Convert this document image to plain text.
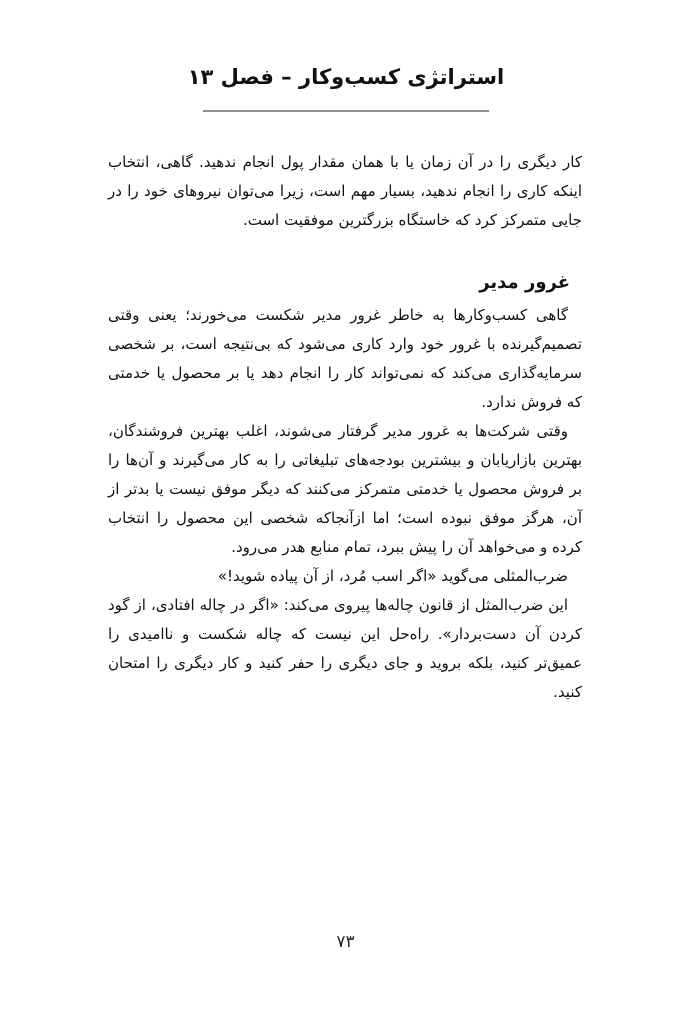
استراتژی کسب‌وکار – فصل ۱۳

کار دیگری را در آن زمان یا با همان مقدار پول انجام ندهید. گاهی، انتخاب اینکه کاری را انجام ندهید، بسیار مهم است، زیرا می‌توان نیروهای خود را در جایی متمرکز کرد که خاستگاه بزرگترین موفقیت است.

غرور مدیر

گاهی کسب‌وکارها به خاطر غرور مدیر شکست می‌خورند؛ یعنی وقتی تصمیم‌گیرنده با غرور خود وارد کاری می‌شود که بی‌نتیجه است، بر شخصی سرمایه‌گذاری می‌کند که نمی‌تواند کار را انجام دهد یا بر محصول یا خدمتی که فروش ندارد.

وقتی شرکت‌ها به غرور مدیر گرفتار می‌شوند، اغلب بهترین فروشندگان، بهترین بازاریابان و بیشترین بودجه‌های تبلیغاتی را به کار می‌گیرند و آن‌ها را بر فروش محصول یا خدمتی متمرکز می‌کنند که دیگر موفق نیست یا بدتر از آن، هرگز موفق نبوده است؛ اما ازآنجاکه شخصی این محصول را انتخاب کرده و می‌خواهد آن را پیش ببرد، تمام منابع هدر می‌رود.

ضرب‌المثلی می‌گوید «اگر اسب مُرد، از آن پیاده شوید!»

این ضرب‌المثل از قانون چاله‌ها پیروی می‌کند: «اگر در چاله افتادی، از گود کردن آن دست‌بردار». راه‌حل این نیست که چاله شکست و ناامیدی را عمیق‌تر کنید، بلکه بروید و جای دیگری را حفر کنید و کار دیگری را امتحان کنید.

۷۳
